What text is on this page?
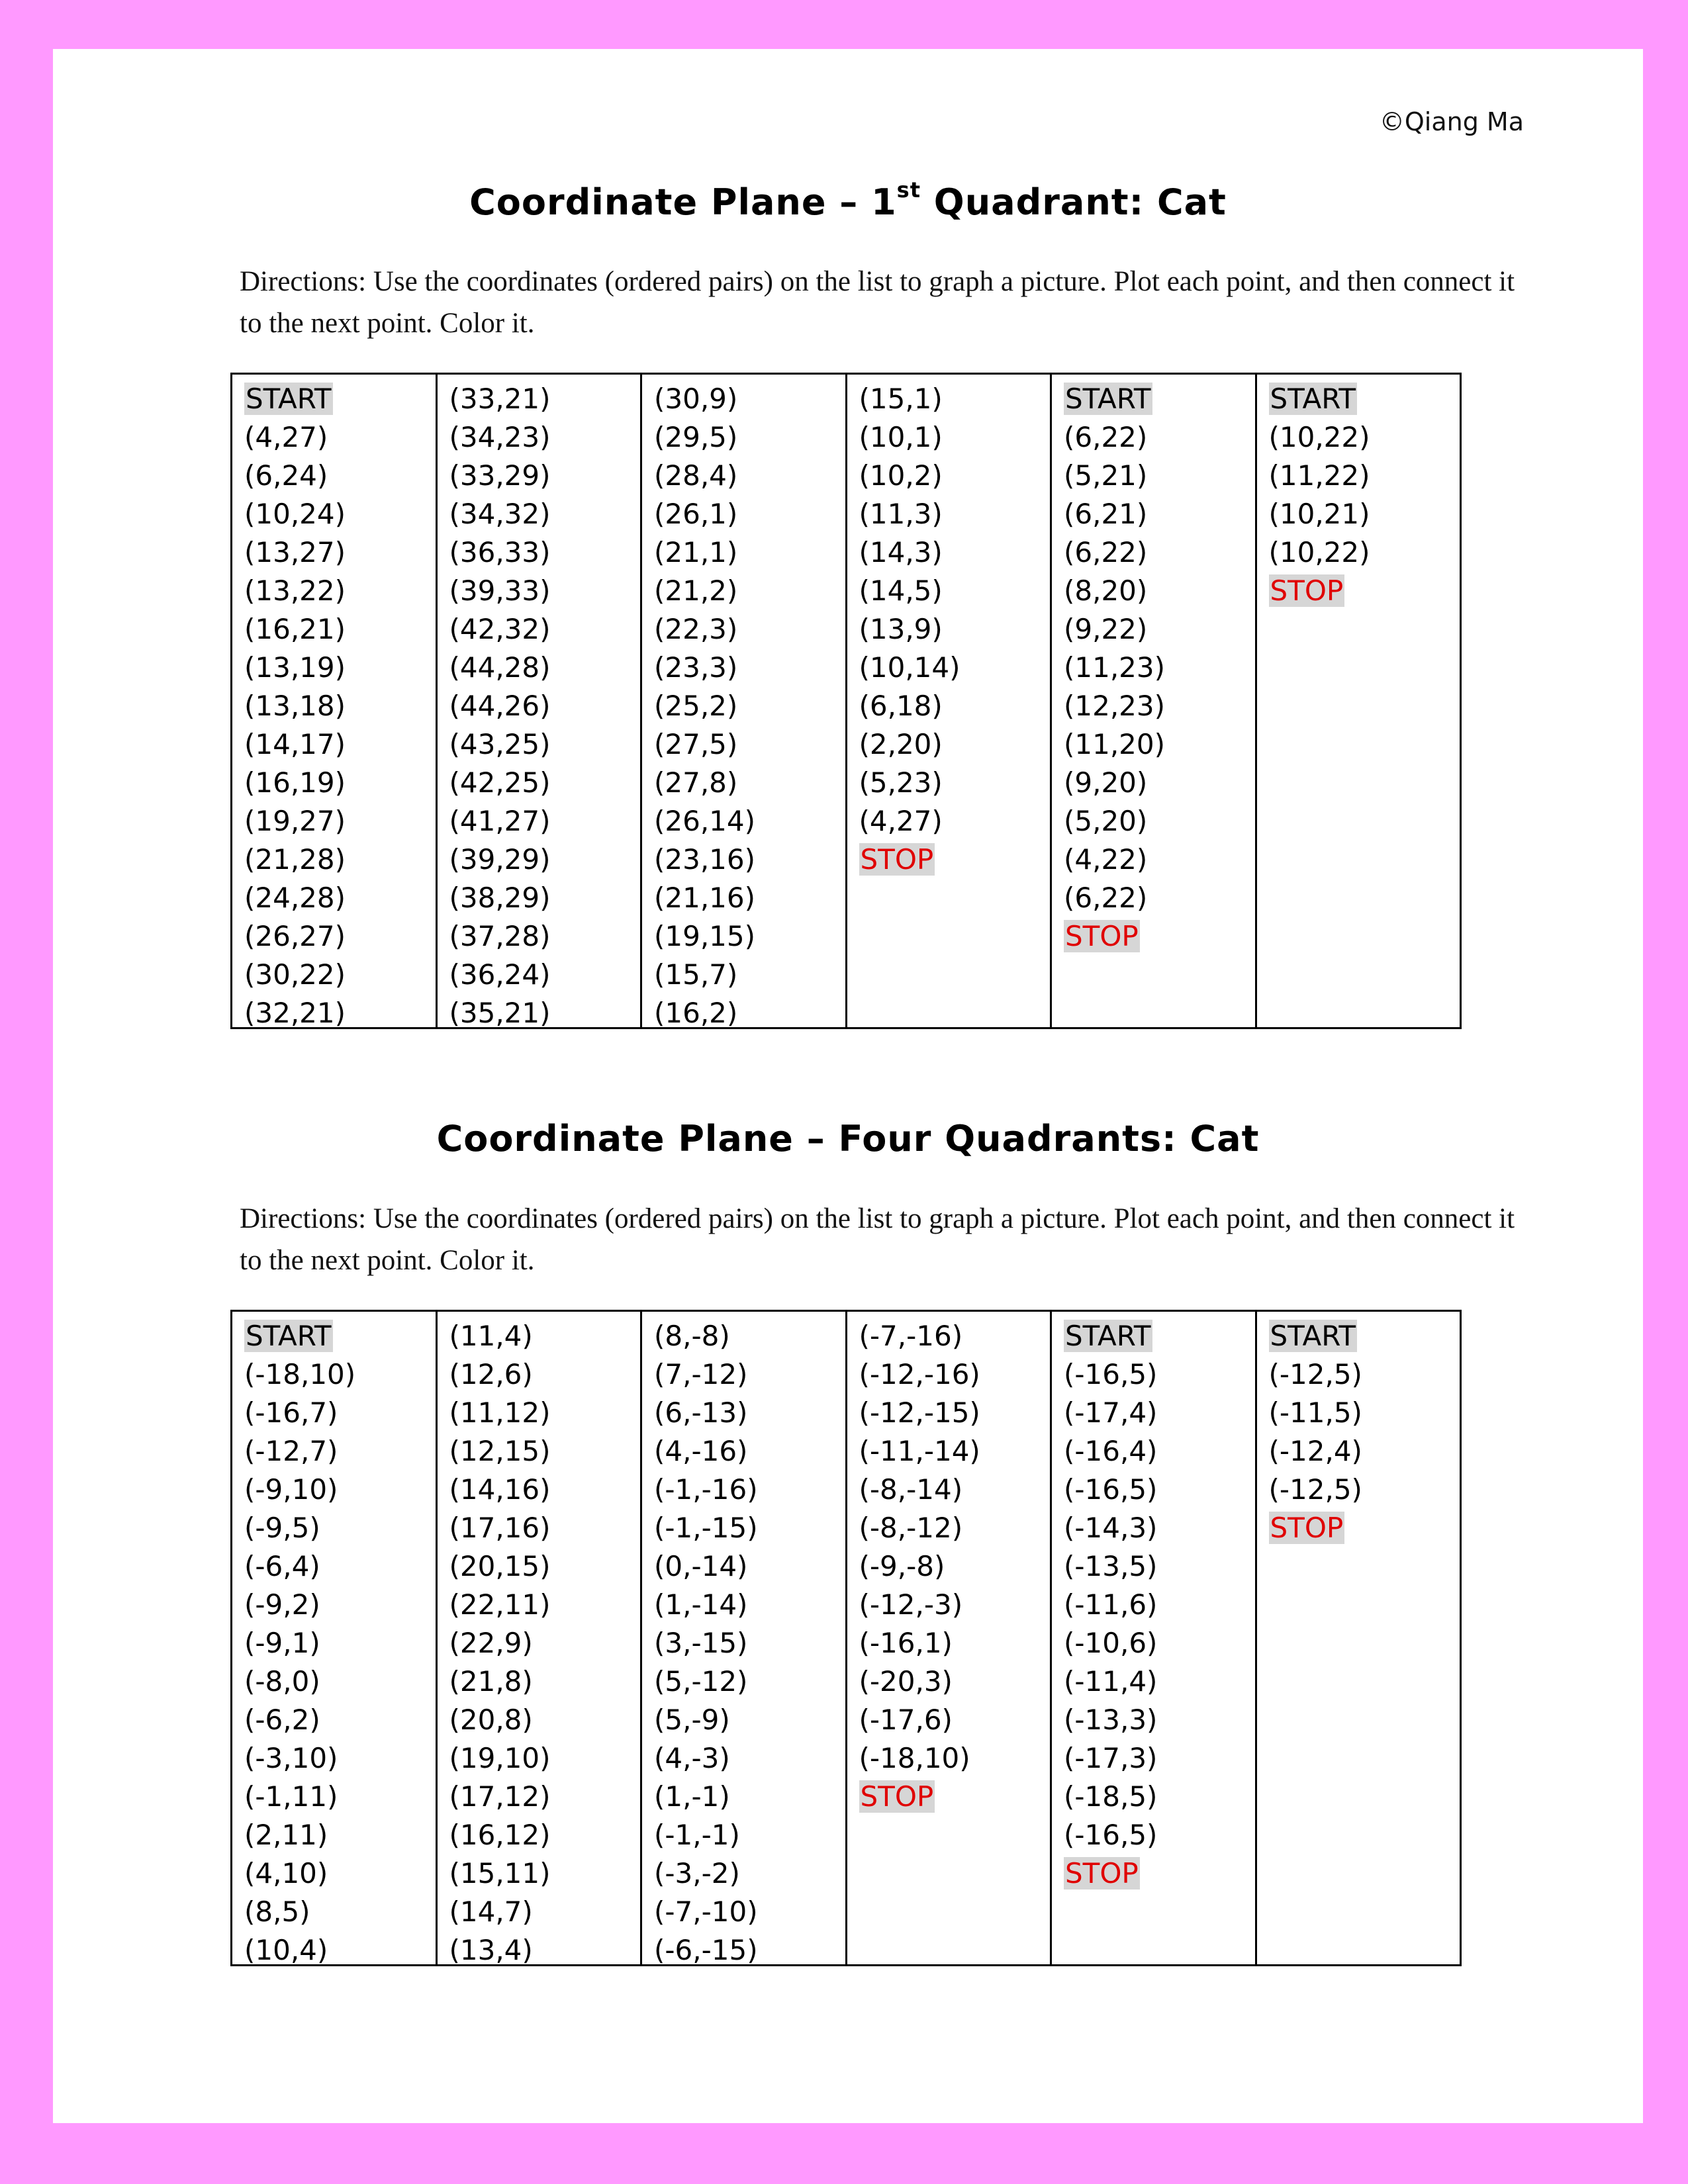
©Qiang Ma
Coordinate Plane – 1st Quadrant: Cat
Directions: Use the coordinates (ordered pairs) on the list to graph a picture. Plot each point, and then connect it to the next point. Color it.
START
(4,27)
(6,24)
(10,24)
(13,27)
(13,22)
(16,21)
(13,19)
(13,18)
(14,17)
(16,19)
(19,27)
(21,28)
(24,28)
(26,27)
(30,22)
(32,21)
(33,21)
(34,23)
(33,29)
(34,32)
(36,33)
(39,33)
(42,32)
(44,28)
(44,26)
(43,25)
(42,25)
(41,27)
(39,29)
(38,29)
(37,28)
(36,24)
(35,21)
(30,9)
(29,5)
(28,4)
(26,1)
(21,1)
(21,2)
(22,3)
(23,3)
(25,2)
(27,5)
(27,8)
(26,14)
(23,16)
(21,16)
(19,15)
(15,7)
(16,2)
(15,1)
(10,1)
(10,2)
(11,3)
(14,3)
(14,5)
(13,9)
(10,14)
(6,18)
(2,20)
(5,23)
(4,27)
STOP
START
(6,22)
(5,21)
(6,21)
(6,22)
(8,20)
(9,22)
(11,23)
(12,23)
(11,20)
(9,20)
(5,20)
(4,22)
(6,22)
STOP
START
(10,22)
(11,22)
(10,21)
(10,22)
STOP
Coordinate Plane – Four Quadrants: Cat
Directions: Use the coordinates (ordered pairs) on the list to graph a picture. Plot each point, and then connect it to the next point. Color it.
START
(-18,10)
(-16,7)
(-12,7)
(-9,10)
(-9,5)
(-6,4)
(-9,2)
(-9,1)
(-8,0)
(-6,2)
(-3,10)
(-1,11)
(2,11)
(4,10)
(8,5)
(10,4)
(11,4)
(12,6)
(11,12)
(12,15)
(14,16)
(17,16)
(20,15)
(22,11)
(22,9)
(21,8)
(20,8)
(19,10)
(17,12)
(16,12)
(15,11)
(14,7)
(13,4)
(8,-8)
(7,-12)
(6,-13)
(4,-16)
(-1,-16)
(-1,-15)
(0,-14)
(1,-14)
(3,-15)
(5,-12)
(5,-9)
(4,-3)
(1,-1)
(-1,-1)
(-3,-2)
(-7,-10)
(-6,-15)
(-7,-16)
(-12,-16)
(-12,-15)
(-11,-14)
(-8,-14)
(-8,-12)
(-9,-8)
(-12,-3)
(-16,1)
(-20,3)
(-17,6)
(-18,10)
STOP
START
(-16,5)
(-17,4)
(-16,4)
(-16,5)
(-14,3)
(-13,5)
(-11,6)
(-10,6)
(-11,4)
(-13,3)
(-17,3)
(-18,5)
(-16,5)
STOP
START
(-12,5)
(-11,5)
(-12,4)
(-12,5)
STOP
